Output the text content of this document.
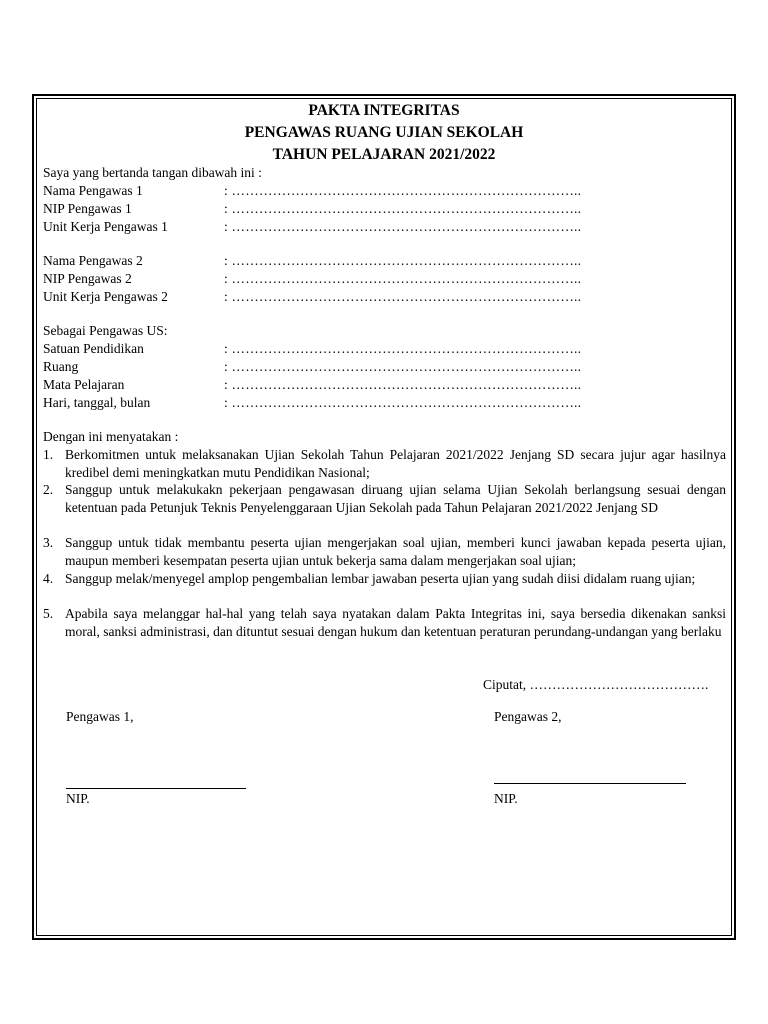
PAKTA INTEGRITAS
PENGAWAS RUANG UJIAN SEKOLAH
TAHUN PELAJARAN 2021/2022
Saya yang bertanda tangan dibawah ini :
Nama Pengawas 1	: …………………………………………………………………..
NIP Pengawas 1	: …………………………………………………………………..
Unit Kerja Pengawas 1	: …………………………………………………………………..
Nama Pengawas 2	: …………………………………………………………………..
NIP Pengawas 2	: …………………………………………………………………..
Unit Kerja Pengawas 2	: …………………………………………………………………..
Sebagai Pengawas US:
Satuan Pendidikan	: …………………………………………………………………..
Ruang	: …………………………………………………………………..
Mata Pelajaran	: …………………………………………………………………..
Hari, tanggal, bulan	: …………………………………………………………………..
Dengan ini menyatakan :
1. Berkomitmen untuk melaksanakan Ujian Sekolah Tahun Pelajaran 2021/2022 Jenjang SD secara jujur agar hasilnya kredibel demi meningkatkan mutu Pendidikan Nasional;
2. Sanggup untuk melakukakn pekerjaan pengawasan diruang ujian selama Ujian Sekolah berlangsung sesuai dengan ketentuan pada Petunjuk Teknis Penyelenggaraan Ujian Sekolah pada Tahun Pelajaran 2021/2022 Jenjang SD
3. Sanggup untuk tidak membantu peserta ujian mengerjakan soal ujian, memberi kunci jawaban kepada peserta ujian, maupun memberi kesempatan peserta ujian untuk bekerja sama dalam mengerjakan soal ujian;
4. Sanggup melak/menyegel amplop pengembalian lembar jawaban peserta ujian yang sudah diisi didalam ruang ujian;
5. Apabila saya melanggar hal-hal yang telah saya nyatakan dalam Pakta Integritas ini, saya bersedia dikenakan sanksi moral, sanksi administrasi, dan dituntut sesuai dengan hukum dan ketentuan peraturan perundang-undangan yang berlaku
Ciputat, ………………………………….
Pengawas 1,	Pengawas 2,
NIP.	NIP.
